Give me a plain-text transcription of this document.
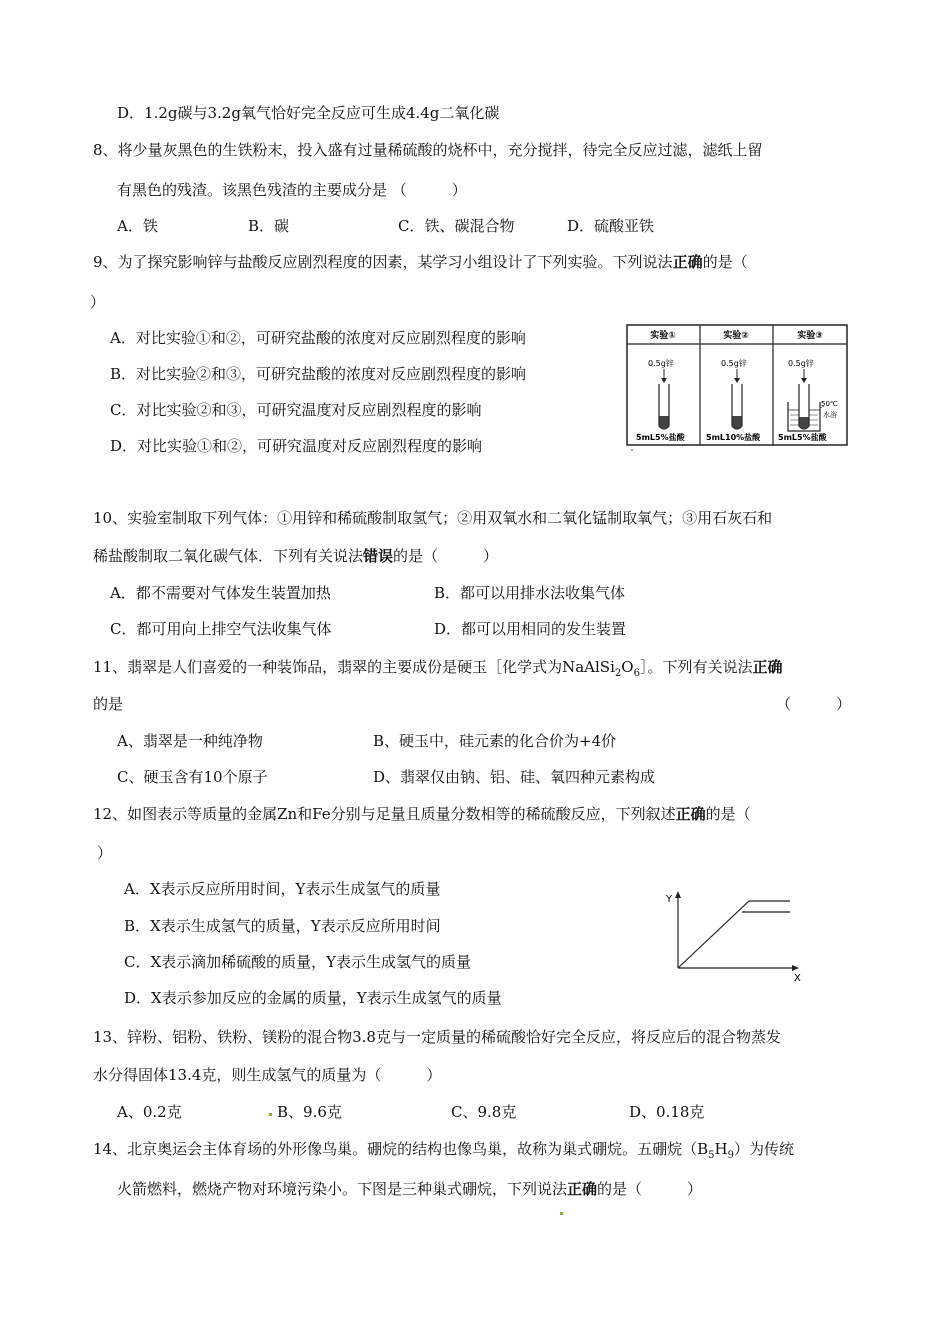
D．1.2g碳与3.2g氧气恰好完全反应可生成4.4g二氧化碳
8、将少量灰黑色的生铁粉末，投入盛有过量稀硫酸的烧杯中，充分搅拌，待完全反应过滤，滤纸上留
有黑色的残渣。该黑色残渣的主要成分是 （　　　）
A．铁	B．碳	C．铁、碳混合物	D．硫酸亚铁
9、为了探究影响锌与盐酸反应剧烈程度的因素，某学习小组设计了下列实验。下列说法正确的是（
）
A．对比实验①和②，可研究盐酸的浓度对反应剧烈程度的影响
B．对比实验②和③，可研究盐酸的浓度对反应剧烈程度的影响
C．对比实验②和③，可研究温度对反应剧烈程度的影响
D．对比实验①和②，可研究温度对反应剧烈程度的影响
实验①	实验②	实验③
0.5g锌
5mL5%盐酸
0.5g锌
5mL10%盐酸
0.5g锌
50℃
水浴
5mL5%盐酸
10、实验室制取下列气体：①用锌和稀硫酸制取氢气；②用双氧水和二氧化锰制取氧气；③用石灰石和
稀盐酸制取二氧化碳气体．下列有关说法错误的是（　　　）
A．都不需要对气体发生装置加热	B．都可以用排水法收集气体
C．都可用向上排空气法收集气体	D．都可以用相同的发生装置
11、翡翠是人们喜爱的一种装饰品，翡翠的主要成份是硬玉［化学式为$NaAlSi_2O_6]$。下列有关说法正确
的是	（　　　）
A、翡翠是一种纯净物	B、硬玉中，硅元素的化合价为+4价
C、硬玉含有10个原子	D、翡翠仅由钠、铝、硅、氧四种元素构成
12、如图表示等质量的金属Zn和Fe分别与足量且质量分数相等的稀硫酸反应，下列叙述正确的是（
）
A．X表示反应所用时间，Y表示生成氢气的质量
B．X表示生成氢气的质量，Y表示反应所用时间
C．X表示滴加稀硫酸的质量，Y表示生成氢气的质量
D．X表示参加反应的金属的质量，Y表示生成氢气的质量
Y
X
13、锌粉、铝粉、铁粉、镁粉的混合物3.8克与一定质量的稀硫酸恰好完全反应，将反应后的混合物蒸发
水分得固体13.4克，则生成氢气的质量为（　　　）
A、0.2克	B、9.6克	C、9.8克	D、0.18克
14、北京奥运会主体育场的外形像鸟巢。硼烷的结构也像鸟巢，故称为巢式硼烷。五硼烷$(B_5H_9)$为传统
火箭燃料，燃烧产物对环境污染小。下图是三种巢式硼烷，下列说法正确的是（　　　）
